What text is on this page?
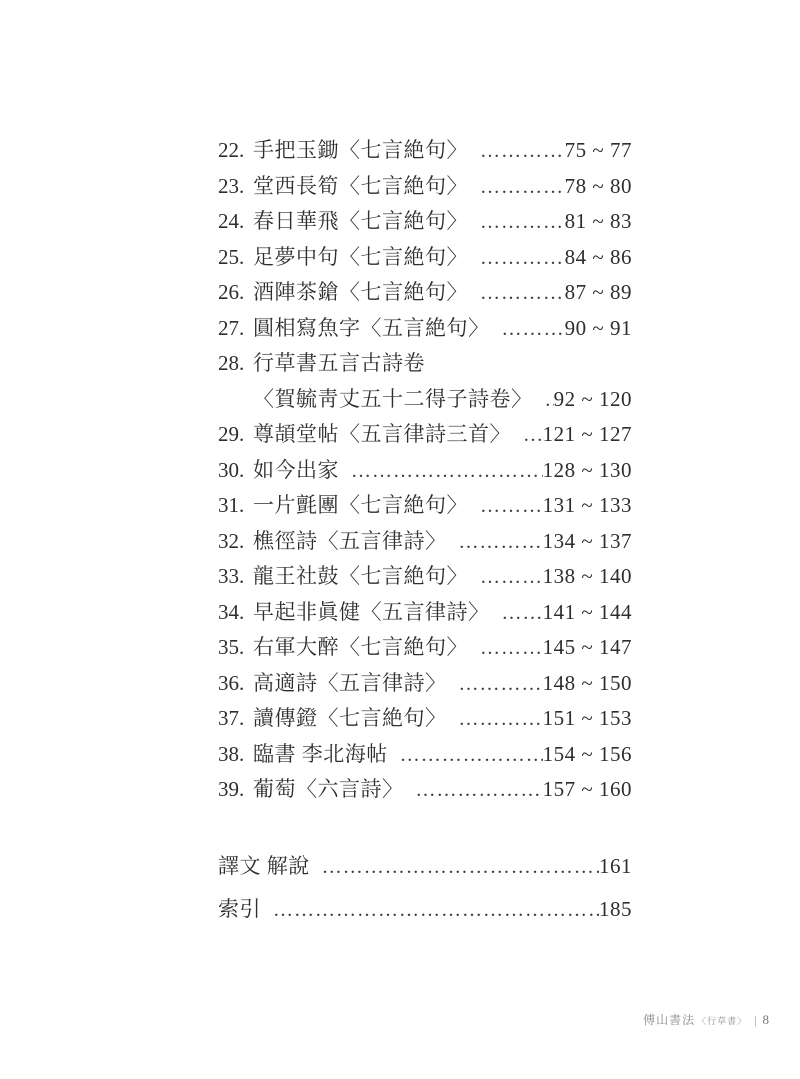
22. 手把玉鋤〈七言絶句〉 ………………………………………………………………………………	75 ~ 77
23. 堂西長筍〈七言絶句〉 ………………………………………………………………………………	78 ~ 80
24. 春日華飛〈七言絶句〉 ………………………………………………………………………………	81 ~ 83
25. 足夢中句〈七言絶句〉 ………………………………………………………………………………	84 ~ 86
26. 酒陣茶鎗〈七言絶句〉 ………………………………………………………………………………	87 ~ 89
27. 圓相寫魚字〈五言絶句〉 ………………………………………………………………………………	90 ~ 91
28. 行草書五言古詩卷
〈賀毓靑丈五十二得子詩卷〉 ……………………………………………………………………………… 92 ~ 120
29. 尊頡堂帖〈五言律詩三首〉 ……………………………………………………………………………… 121 ~ 127
30. 如今出家 ………………………………………………………………………………	128 ~ 130
31. 一片氈團〈七言絶句〉 ………………………………………………………………………………	131 ~ 133
32. 樵徑詩〈五言律詩〉 ………………………………………………………………………………	134 ~ 137
33. 龍王社鼓〈七言絶句〉 ………………………………………………………………………………	138 ~ 140
34. 早起非眞健〈五言律詩〉 ………………………………………………………………………………	141 ~ 144
35. 右軍大醉〈七言絶句〉 ………………………………………………………………………………	145 ~ 147
36. 高適詩〈五言律詩〉 ………………………………………………………………………………	148 ~ 150
37. 讀傳鐙〈七言絶句〉 ………………………………………………………………………………	151 ~ 153
38. 臨書 李北海帖 ………………………………………………………………………………	154 ~ 156
39. 葡萄〈六言詩〉 ………………………………………………………………………………	157 ~ 160
譯文 解說 ………………………………………………………………………………	161
索引 ………………………………………………………………………………	185
傅山書法 〈行草書〉 | 8
